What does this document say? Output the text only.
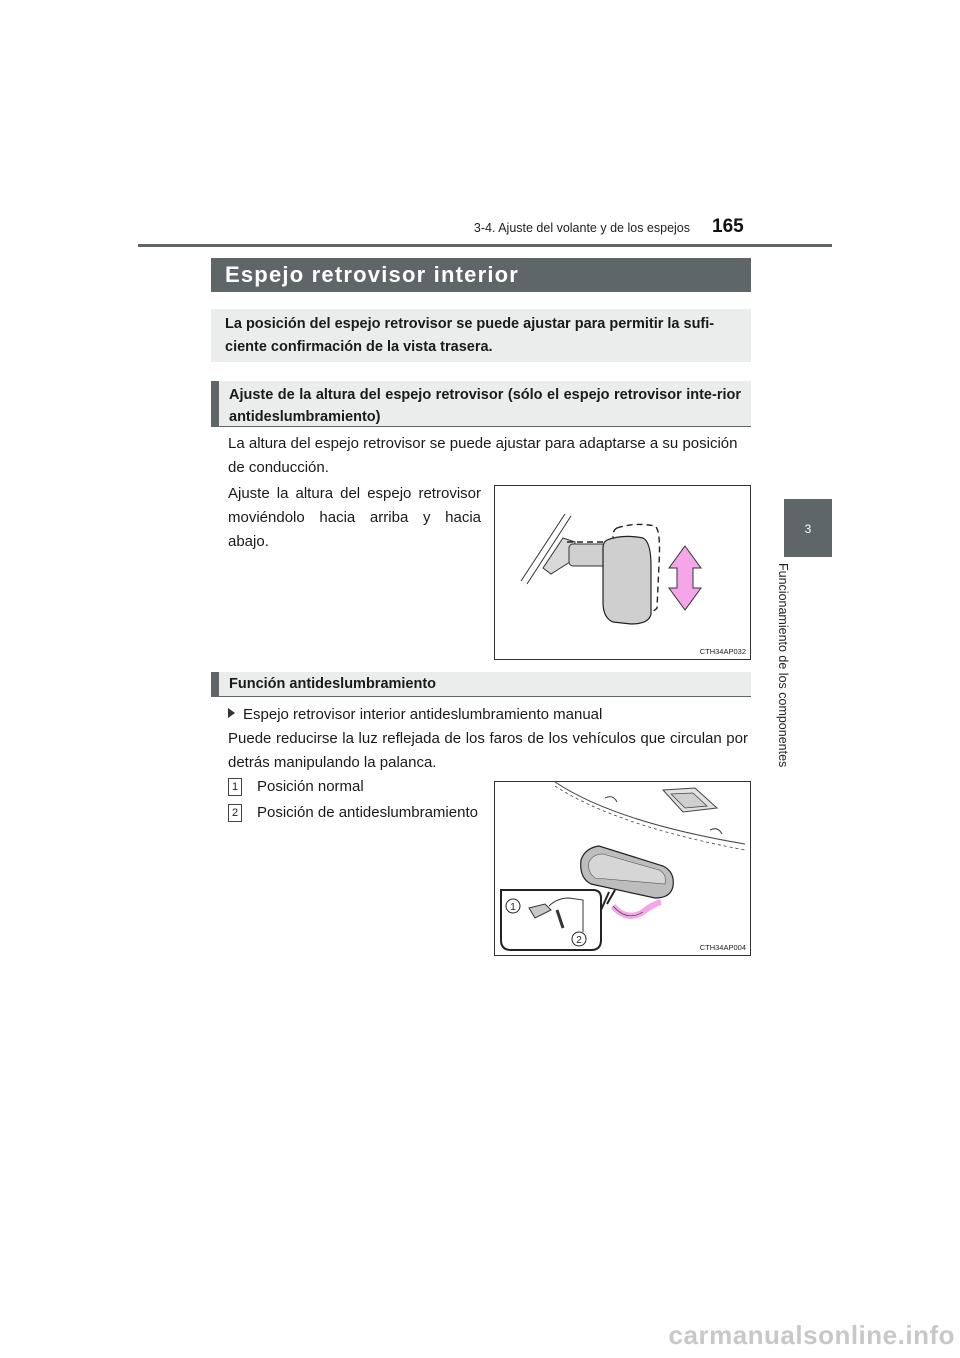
3-4. Ajuste del volante y de los espejos 165
3
Funcionamiento de los componentes
Espejo retrovisor interior
La posición del espejo retrovisor se puede ajustar para permitir la sufi-ciente confirmación de la vista trasera.
Ajuste de la altura del espejo retrovisor (sólo el espejo retrovisor inte-rior antideslumbramiento)
La altura del espejo retrovisor se puede ajustar para adaptarse a su posición de conducción.
Ajuste la altura del espejo retrovisor moviéndolo hacia arriba y hacia abajo.
CTH34AP032
Función antideslumbramiento
Espejo retrovisor interior antideslumbramiento manual
Puede reducirse la luz reflejada de los faros de los vehículos que circulan por detrás manipulando la palanca.
1 Posición normal
2 Posición de antideslumbramiento
1
2
CTH34AP004
carmanualsonline.info
